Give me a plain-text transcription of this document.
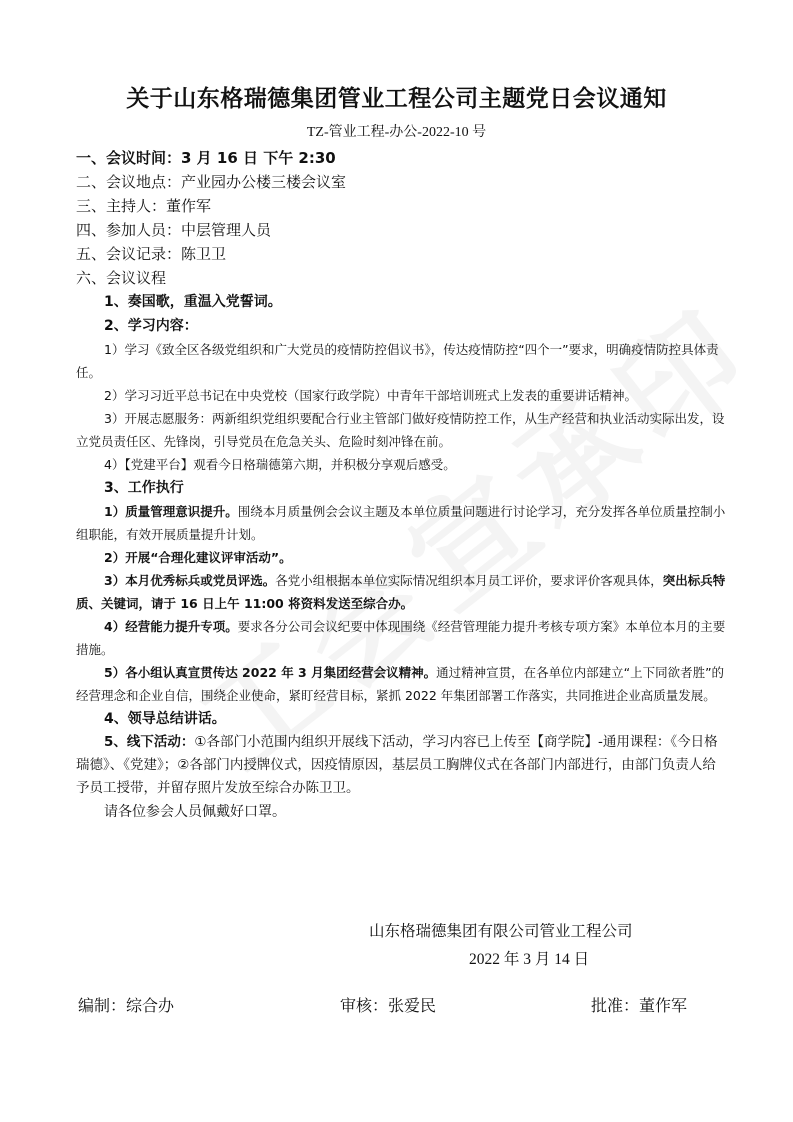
关于山东格瑞德集团管业工程公司主题党日会议通知
TZ-管业工程-办公-2022-10 号
一、会议时间：3 月 16 日 下午 2:30
二、会议地点：产业园办公楼三楼会议室
三、主持人：董作军
四、参加人员：中层管理人员
五、会议记录：陈卫卫
六、会议议程
1、奏国歌，重温入党誓词。
2、学习内容：

1）学习《致全区各级党组织和广大党员的疫情防控倡议书》，传达疫情防控“四个一”要求，明确疫情防控具体责任。

2）学习习近平总书记在中央党校（国家行政学院）中青年干部培训班式上发表的重要讲话精神。

3）开展志愿服务：两新组织党组织要配合行业主管部门做好疫情防控工作，从生产经营和执业活动实际出发，设立党员责任区、先锋岗，引导党员在危急关头、危险时刻冲锋在前。

4）【党建平台】观看今日格瑞德第六期，并积极分享观后感受。

3、工作执行

1）质量管理意识提升。围绕本月质量例会会议主题及本单位质量问题进行讨论学习，充分发挥各单位质量控制小组职能，有效开展质量提升计划。

2）开展“合理化建议评审活动”。

3）本月优秀标兵或党员评选。各党小组根据本单位实际情况组织本月员工评价，要求评价客观具体，突出标兵特质、关键词，请于 16 日上午 11:00 将资料发送至综合办。

4）经营能力提升专项。要求各分公司会议纪要中体现围绕《经营管理能力提升考核专项方案》本单位本月的主要措施。

5）各小组认真宣贯传达 2022 年 3 月集团经营会议精神。通过精神宣贯，在各单位内部建立“上下同欲者胜”的经营理念和企业自信，围绕企业使命，紧盯经营目标，紧抓 2022 年集团部署工作落实，共同推进企业高质量发展。

4、领导总结讲话。

5、线下活动：①各部门小范围内组织开展线下活动，学习内容已上传至【商学院】-通用课程：《今日格瑞德》、《党建》；②各部门内授牌仪式，因疫情原因，基层员工胸牌仪式在各部门内部进行，由部门负责人给予员工授带，并留存照片发放至综合办陈卫卫。

请各位参会人员佩戴好口罩。
山东格瑞德集团有限公司管业工程公司
2022 年 3 月 14 日
编制：综合办	审核：张爱民	批准：董作军
